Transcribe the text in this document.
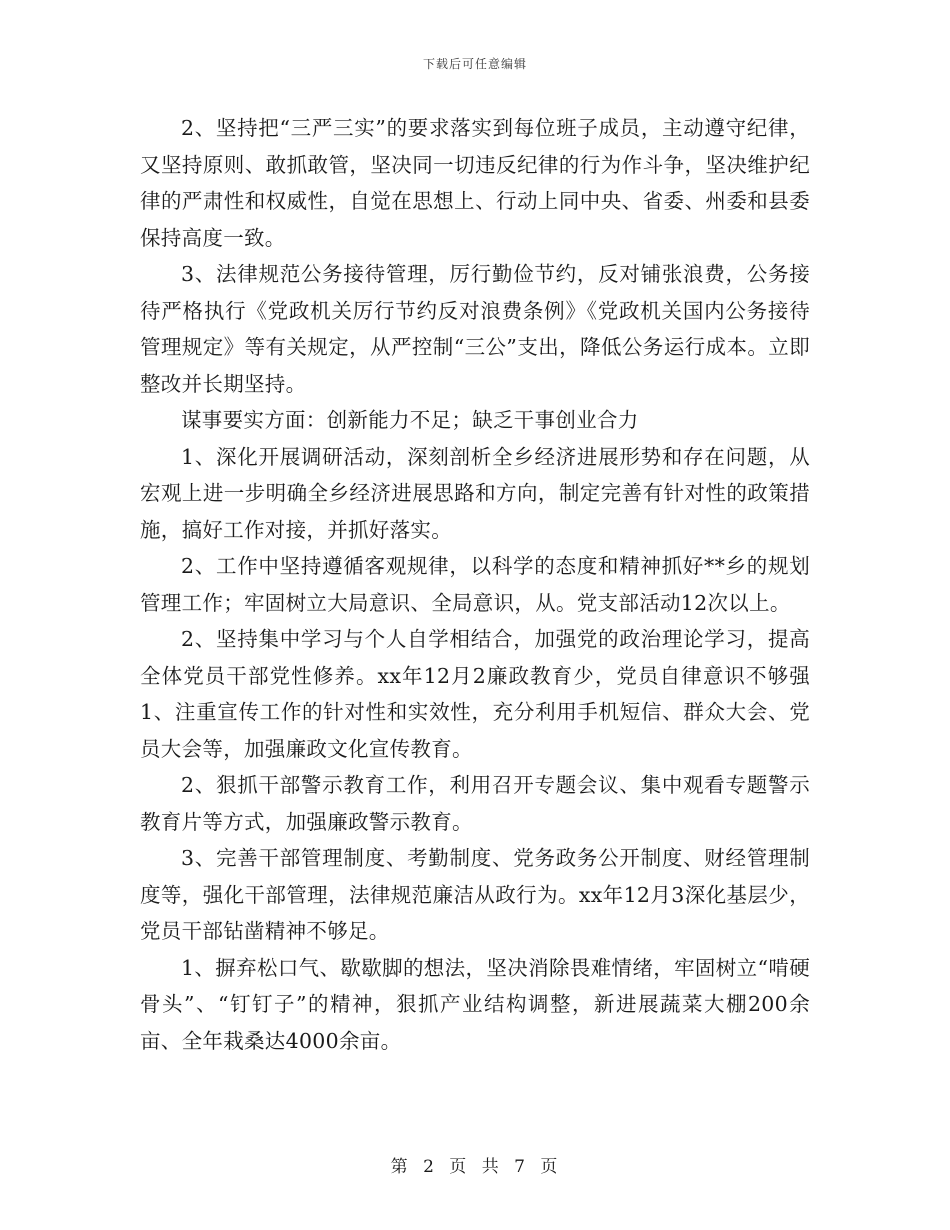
下载后可任意编辑

2、坚持把“三严三实”的要求落实到每位班子成员，主动遵守纪律，又坚持原则、敢抓敢管，坚决同一切违反纪律的行为作斗争，坚决维护纪律的严肃性和权威性，自觉在思想上、行动上同中央、省委、州委和县委保持高度一致。

3、法律规范公务接待管理，厉行勤俭节约，反对铺张浪费，公务接待严格执行《党政机关厉行节约反对浪费条例》《党政机关国内公务接待管理规定》等有关规定，从严控制“三公”支出，降低公务运行成本。立即整改并长期坚持。

谋事要实方面：创新能力不足；缺乏干事创业合力

1、深化开展调研活动，深刻剖析全乡经济进展形势和存在问题，从宏观上进一步明确全乡经济进展思路和方向，制定完善有针对性的政策措施，搞好工作对接，并抓好落实。

2、工作中坚持遵循客观规律，以科学的态度和精神抓好**乡的规划管理工作；牢固树立大局意识、全局意识，从。党支部活动12次以上。

2、坚持集中学习与个人自学相结合，加强党的政治理论学习，提高全体党员干部党性修养。xx年12月2廉政教育少，党员自律意识不够强1、注重宣传工作的针对性和实效性，充分利用手机短信、群众大会、党员大会等，加强廉政文化宣传教育。

2、狠抓干部警示教育工作，利用召开专题会议、集中观看专题警示教育片等方式，加强廉政警示教育。

3、完善干部管理制度、考勤制度、党务政务公开制度、财经管理制度等，强化干部管理，法律规范廉洁从政行为。xx年12月3深化基层少，党员干部钻凿精神不够足。

1、摒弃松口气、歇歇脚的想法，坚决消除畏难情绪，牢固树立“啃硬骨头”、“钉钉子”的精神，狠抓产业结构调整，新进展蔬菜大棚200余亩、全年栽桑达4000余亩。

第 2 页 共 7 页
